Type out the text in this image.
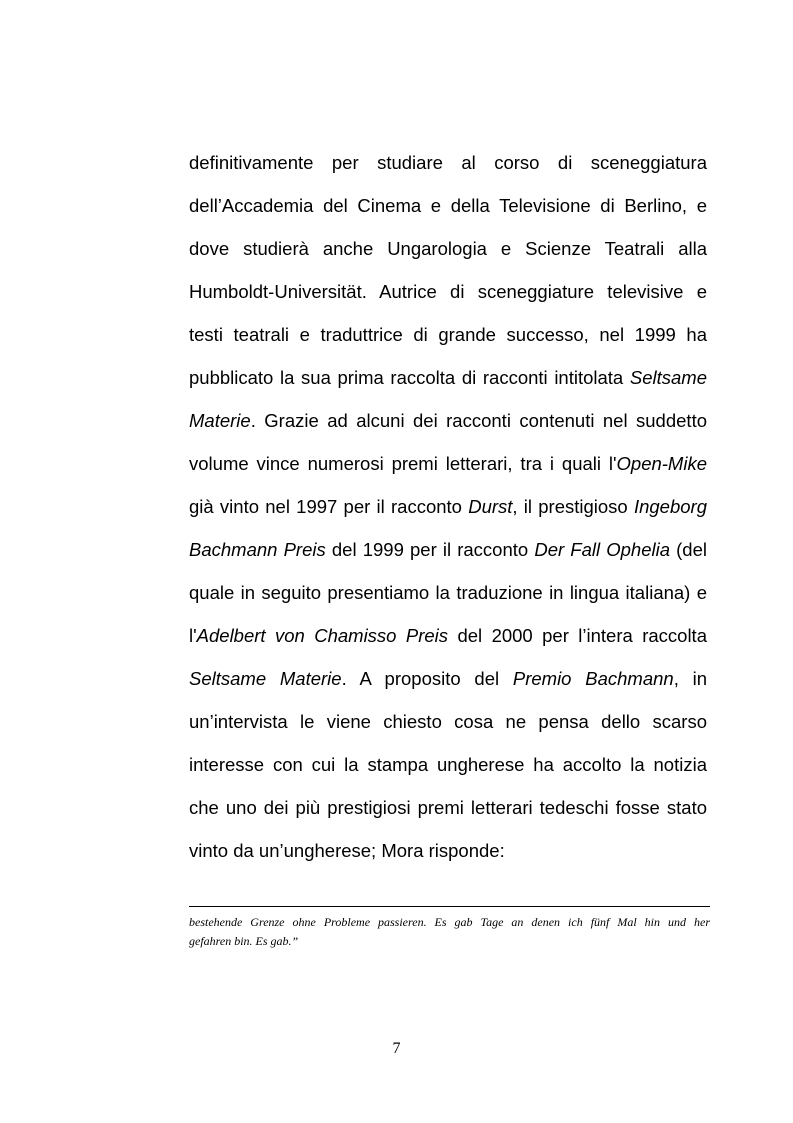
definitivamente per studiare al corso di sceneggiatura
dell’Accademia del Cinema e della Televisione di Berlino, e
dove studierà anche Ungarologia e Scienze Teatrali alla
Humboldt-Universität. Autrice di sceneggiature televisive e
testi teatrali e traduttrice di grande successo, nel 1999 ha
pubblicato la sua prima raccolta di racconti intitolata Seltsame
Materie. Grazie ad alcuni dei racconti contenuti nel suddetto
volume vince numerosi premi letterari, tra i quali l'Open-Mike
già vinto nel 1997 per il racconto Durst, il prestigioso Ingeborg
Bachmann Preis del 1999 per il racconto Der Fall Ophelia (del
quale in seguito presentiamo la traduzione in lingua italiana) e
l'Adelbert von Chamisso Preis del 2000 per l’intera raccolta
Seltsame Materie. A proposito del Premio Bachmann, in
un’intervista le viene chiesto cosa ne pensa dello scarso
interesse con cui la stampa ungherese ha accolto la notizia
che uno dei più prestigiosi premi letterari tedeschi fosse stato
vinto da un’ungherese; Mora risponde:
bestehende Grenze ohne Probleme passieren. Es gab Tage an denen ich fünf Mal hin und her
gefahren bin. Es gab.”
7
